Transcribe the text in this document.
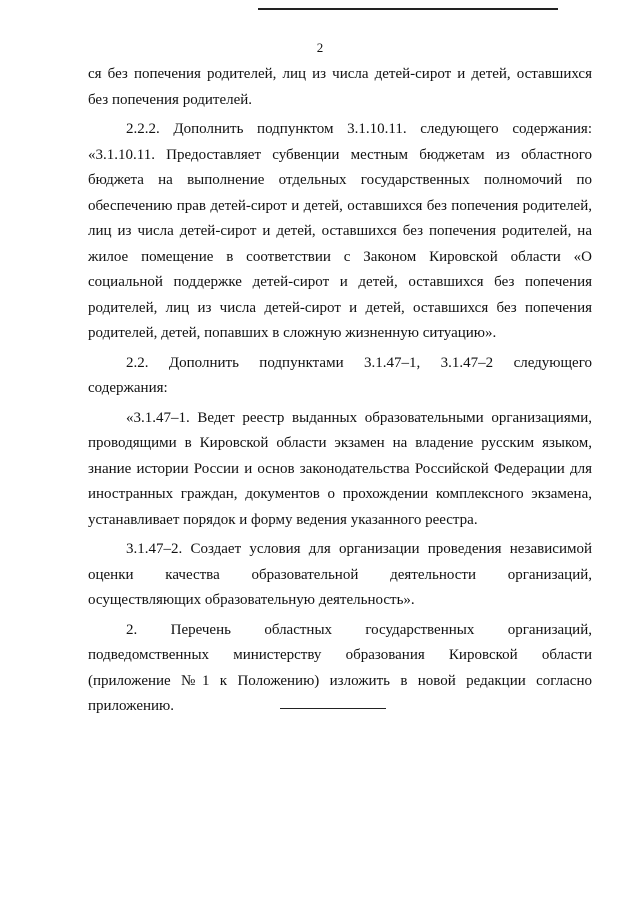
2

ся без попечения родителей, лиц из числа детей-сирот и детей, оставшихся без попечения родителей.

2.2.2. Дополнить подпунктом 3.1.10.11. следующего содержания: «3.1.10.11. Предоставляет субвенции местным бюджетам из областного бюджета на выполнение отдельных государственных полномочий по обеспечению прав детей-сирот и детей, оставшихся без попечения родителей, лиц из числа детей-сирот и детей, оставшихся без попечения родителей, на жилое помещение в соответствии с Законом Кировской области «О социальной поддержке детей-сирот и детей, оставшихся без попечения родителей, лиц из числа детей-сирот и детей, оставшихся без попечения родителей, детей, попавших в сложную жизненную ситуацию».

2.2. Дополнить подпунктами 3.1.47–1, 3.1.47–2 следующего содержания:

«3.1.47–1. Ведет реестр выданных образовательными организациями, проводящими в Кировской области экзамен на владение русским языком, знание истории России и основ законодательства Российской Федерации для иностранных граждан, документов о прохождении комплексного экзамена, устанавливает порядок и форму ведения указанного реестра.

3.1.47–2. Создает условия для организации проведения независимой оценки качества образовательной деятельности организаций, осуществляющих образовательную деятельность».

2. Перечень областных государственных организаций, подведомственных министерству образования Кировской области (приложение №1 к Положению) изложить в новой редакции согласно приложению.
